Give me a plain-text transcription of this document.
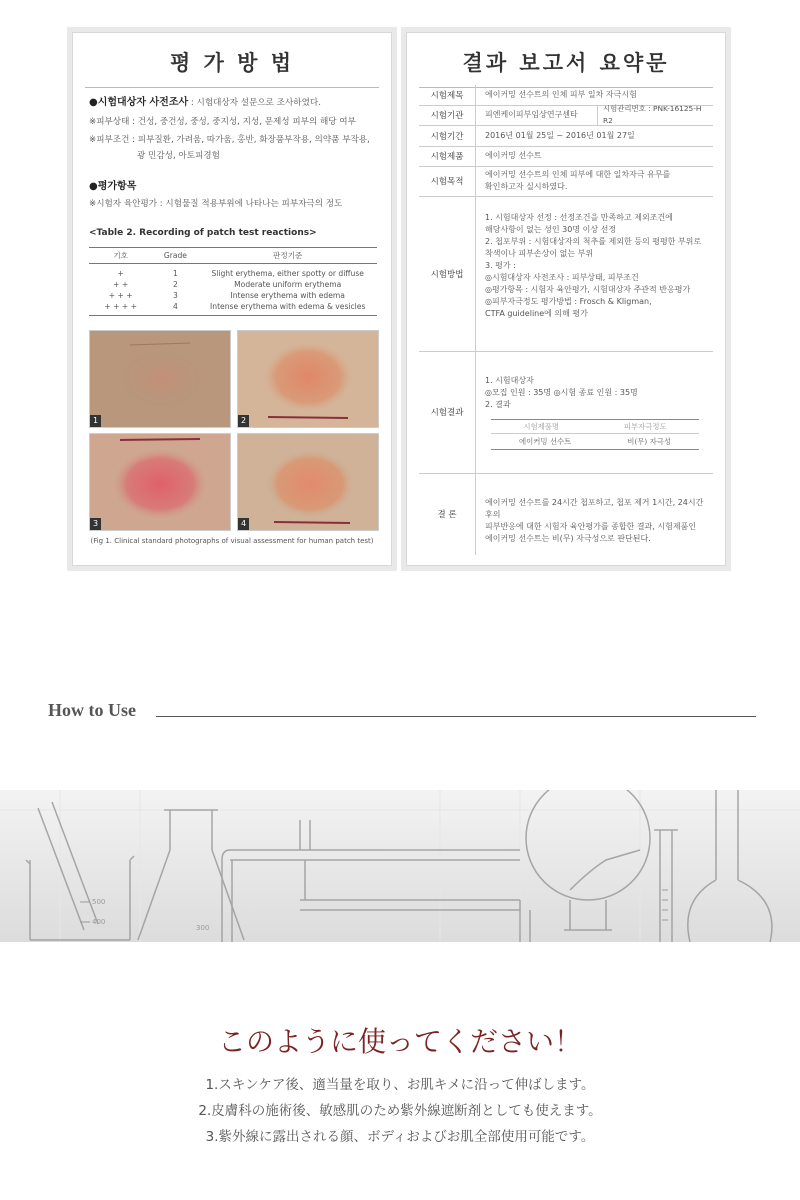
평 가 방 법
●시험대상자 사전조사 : 시험대상자 설문으로 조사하였다.
※피부상태 : 건성, 중건성, 중성, 중지성, 지성, 문제성 피부의 해당 여부
※피부조건 : 피부질환, 가려움, 따가움, 홍반, 화장품부작용, 의약품 부작용,
광 민감성, 아토피경험
●평가항목
※시험자 육안평가 : 시험물질 적용부위에 나타나는 피부자극의 정도
<Table 2. Recording of patch test reactions>
기호	Grade	판정기준
+	1	Slight erythema, either spotty or diffuse
+ +	2	Moderate uniform erythema
+ + +	3	Intense erythema with edema
+ + + +	4	Intense erythema with edema & vesicles
1	2
3	4
(Fig 1. Clinical standard photographs of visual assessment for human patch test)
결과 보고서 요약문
시험제목	에이커밍 선수트의 인체 피부 일차 자극시험
시험기관	피엔케이피부임상연구센타
시험관리번호 : PNK-16125-H R2
시험기간	2016년 01월 25일 ~ 2016년 01월 27일
시험제품	에이커밍 선수트
시험목적
에이커밍 선수트의 인체 피부에 대한 일차자극 유무를
확인하고자 실시하였다.
시험방법
1. 시험대상자 선정 : 선정조건을 만족하고 제외조건에
해당사항이 없는 성인 30명 이상 선정
2. 첩포부위 : 시험대상자의 척추를 제외한 등의 평평한 부위로
착색이나 피부손상이 없는 부위
3. 평가 :
◎시험대상자 사전조사 : 피부상태, 피부조건
◎평가항목 : 시험자 육안평가, 시험대상자 주관적 반응평가
◎피부자극정도 평가방법 : Frosch & Kligman,
CTFA guideline에 의해 평가
시험결과
1. 시험대상자
◎모집 인원 : 35명 ◎시험 종료 인원 : 35명
2. 결과
시험제품명	피부자극정도
에이커밍 선수트	비(무) 자극성
결 론
에이커밍 선수트를 24시간 첩포하고, 첩포 제거 1시간, 24시간 후의
피부반응에 대한 시험자 육안평가를 종합한 결과, 시험제품인
에이커밍 선수트는 비(무) 자극성으로 판단된다.
How to Use
500
400
300
このように使ってください！
1.スキンケア後、適当量を取り、お肌キメに沿って伸ばします。
2.皮膚科の施術後、敏感肌のため紫外線遮断剤としても使えます。
3.紫外線に露出される顔、ボディおよびお肌全部使用可能です。
